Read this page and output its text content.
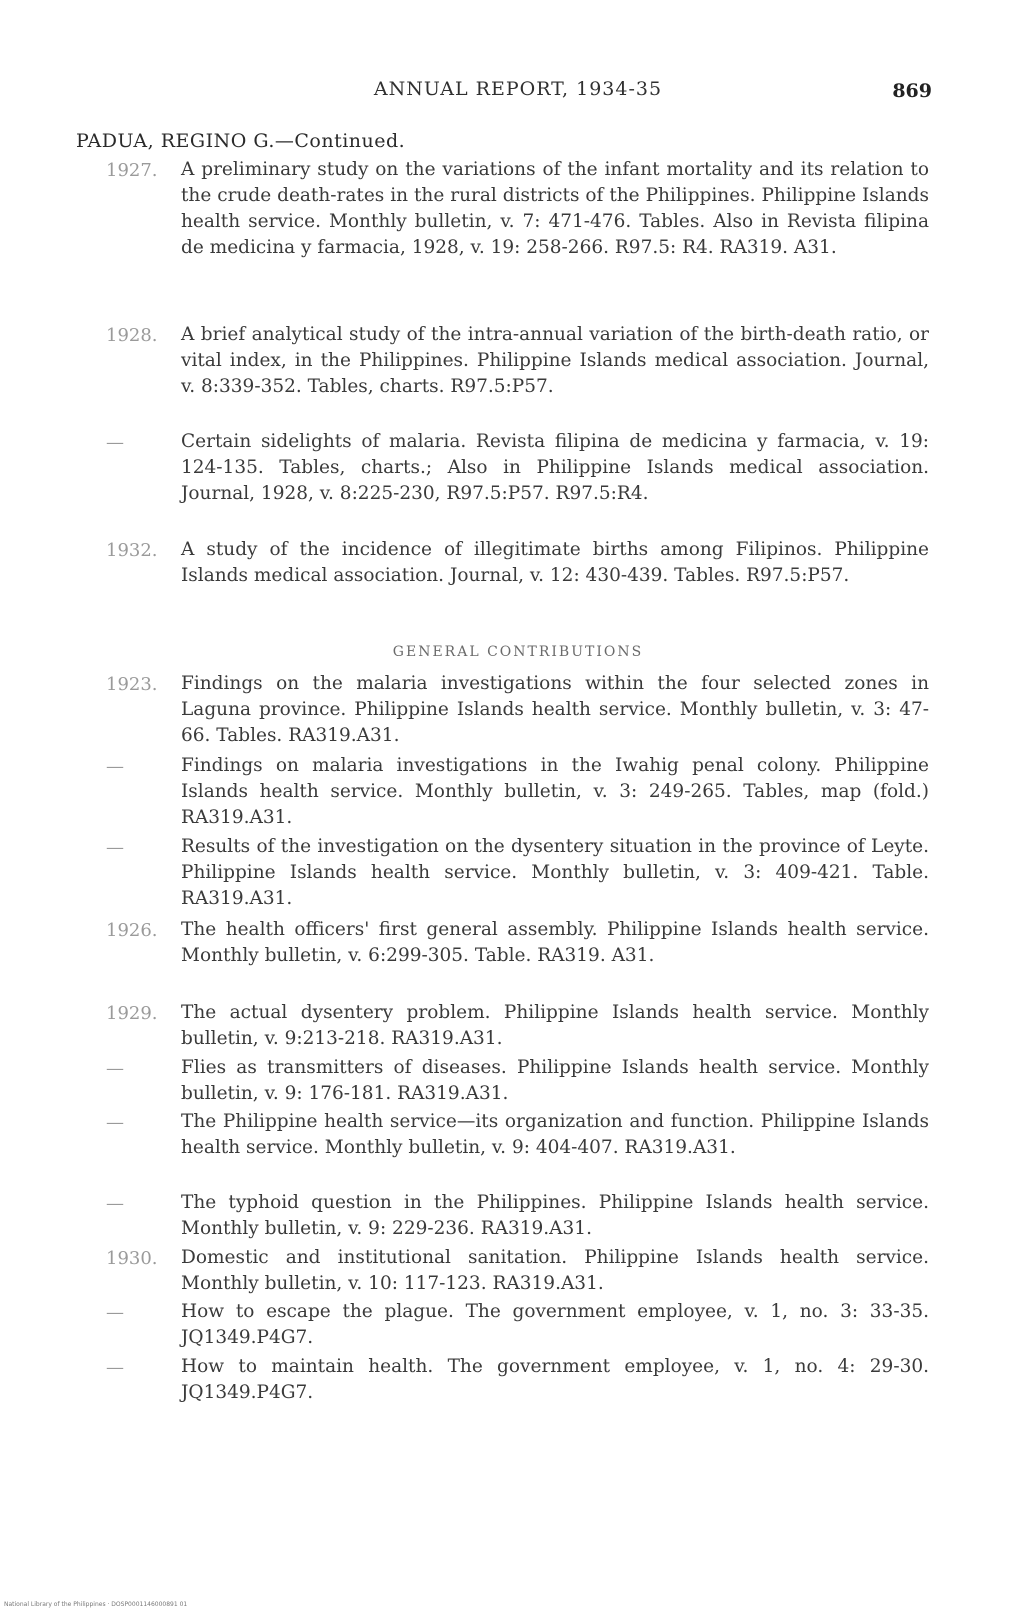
ANNUAL REPORT, 1934-35	869
PADUA, REGINO G.—Continued.
1927.	A preliminary study on the variations of the infant mortality and its relation to the crude death-rates in the rural districts of the Philippines. Philippine Islands health service. Monthly bulletin, v. 7: 471-476. Tables. Also in Revista filipina de medicina y farmacia, 1928, v. 19: 258-266. R97.5: R4. RA319. A31.
1928.	A brief analytical study of the intra-annual variation of the birth-death ratio, or vital index, in the Philippines. Philippine Islands medical association. Journal, v. 8:339-352. Tables, charts. R97.5:P57.
—	Certain sidelights of malaria. Revista filipina de medicina y farmacia, v. 19: 124-135. Tables, charts.; Also in Philippine Islands medical association. Journal, 1928, v. 8:225-230, R97.5:P57. R97.5:R4.
1932.	A study of the incidence of illegitimate births among Filipinos. Philippine Islands medical association. Journal, v. 12: 430-439. Tables. R97.5:P57.
GENERAL CONTRIBUTIONS
1923.	Findings on the malaria investigations within the four selected zones in Laguna province. Philippine Islands health service. Monthly bulletin, v. 3: 47-66. Tables. RA319.A31.
—	Findings on malaria investigations in the Iwahig penal colony. Philippine Islands health service. Monthly bulletin, v. 3: 249-265. Tables, map (fold.) RA319.A31.
—	Results of the investigation on the dysentery situation in the province of Leyte. Philippine Islands health service. Monthly bulletin, v. 3: 409-421. Table. RA319.A31.
1926.	The health officers' first general assembly. Philippine Islands health service. Monthly bulletin, v. 6:299-305. Table. RA319. A31.
1929.	The actual dysentery problem. Philippine Islands health service. Monthly bulletin, v. 9:213-218. RA319.A31.
—	Flies as transmitters of diseases. Philippine Islands health service. Monthly bulletin, v. 9: 176-181. RA319.A31.
—	The Philippine health service—its organization and function. Philippine Islands health service. Monthly bulletin, v. 9: 404-407. RA319.A31.
—	The typhoid question in the Philippines. Philippine Islands health service. Monthly bulletin, v. 9: 229-236. RA319.A31.
1930.	Domestic and institutional sanitation. Philippine Islands health service. Monthly bulletin, v. 10: 117-123. RA319.A31.
—	How to escape the plague. The government employee, v. 1, no. 3: 33-35. JQ1349.P4G7.
—	How to maintain health. The government employee, v. 1, no. 4: 29-30. JQ1349.P4G7.
National Library of the Philippines · DOSP0001146000891 01
